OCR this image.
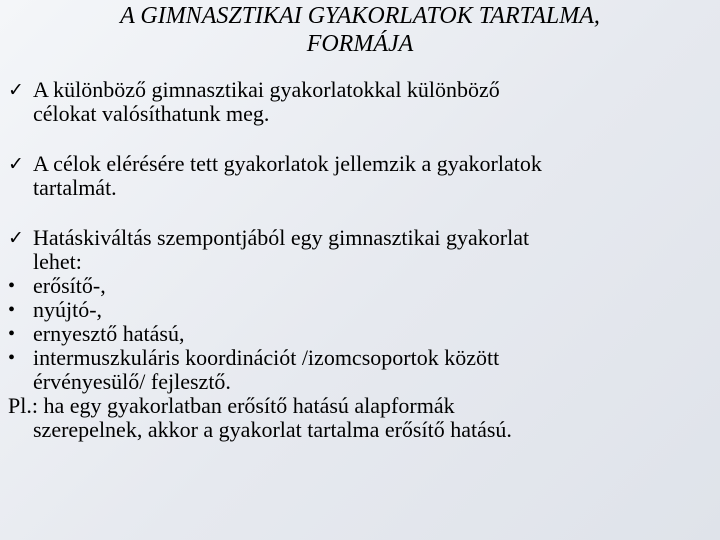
A GIMNASZTIKAI GYAKORLATOK TARTALMA,
FORMÁJA

✓ A különböző gimnasztikai gyakorlatokkal különböző
célokat valósíthatunk meg.

✓ A célok elérésére tett gyakorlatok jellemzik a gyakorlatok
tartalmát.

✓ Hatáskiváltás szempontjából egy gimnasztikai gyakorlat
lehet:

• erősítő-,

• nyújtó-,

• ernyesztő hatású,

• intermuszkuláris koordinációt /izomcsoportok között
érvényesülő/ fejlesztő.

Pl.: ha egy gyakorlatban erősítő hatású alapformák
szerepelnek, akkor a gyakorlat tartalma erősítő hatású.
